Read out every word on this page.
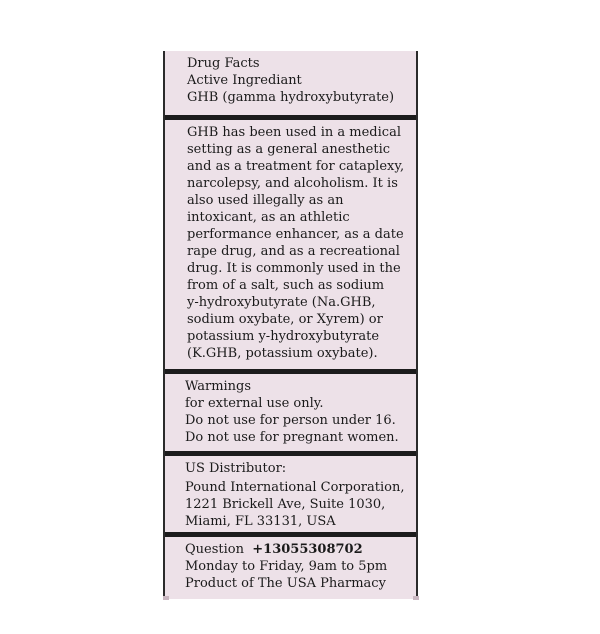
Drug Facts
Active Ingrediant
GHB (gamma hydroxybutyrate)
GHB has been used in a medical
setting as a general anesthetic
and as a treatment for cataplexy,
narcolepsy, and alcoholism. It is
also used illegally as an
intoxicant, as an athletic
performance enhancer, as a date
rape drug, and as a recreational
drug. It is commonly used in the
from of a salt, such as sodium
y-hydroxybutyrate (Na.GHB,
sodium oxybate, or Xyrem) or
potassium y-hydroxybutyrate
(K.GHB, potassium oxybate).
Warmings
for external use only.
Do not use for person under 16.
Do not use for pregnant women.
US Distributor:
Pound International Corporation,
1221 Brickell Ave, Suite 1030,
Miami, FL 33131, USA
Question +13055308702
Monday to Friday, 9am to 5pm
Product of The USA Pharmacy
